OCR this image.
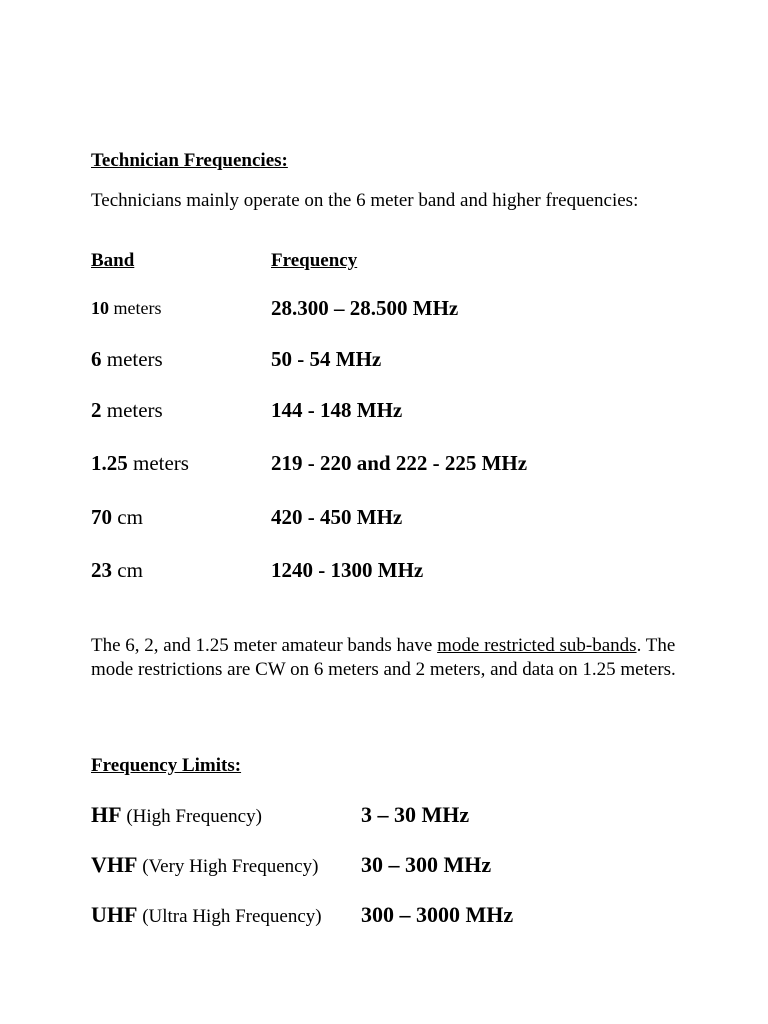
Technician Frequencies:
Technicians mainly operate on the 6 meter band and higher frequencies:
Band	Frequency
10 meters	28.300 – 28.500 MHz
6 meters	50 - 54 MHz
2 meters	144 - 148 MHz
1.25 meters	219 - 220 and 222 - 225 MHz
70 cm	420 - 450 MHz
23 cm	1240 - 1300 MHz
The 6, 2, and 1.25 meter amateur bands have mode restricted sub-bands. The mode restrictions are CW on 6 meters and 2 meters, and data on 1.25 meters.
Frequency Limits:
HF (High Frequency)	3 – 30 MHz
VHF (Very High Frequency) 30 – 300 MHz
UHF (Ultra High Frequency) 300 – 3000 MHz
